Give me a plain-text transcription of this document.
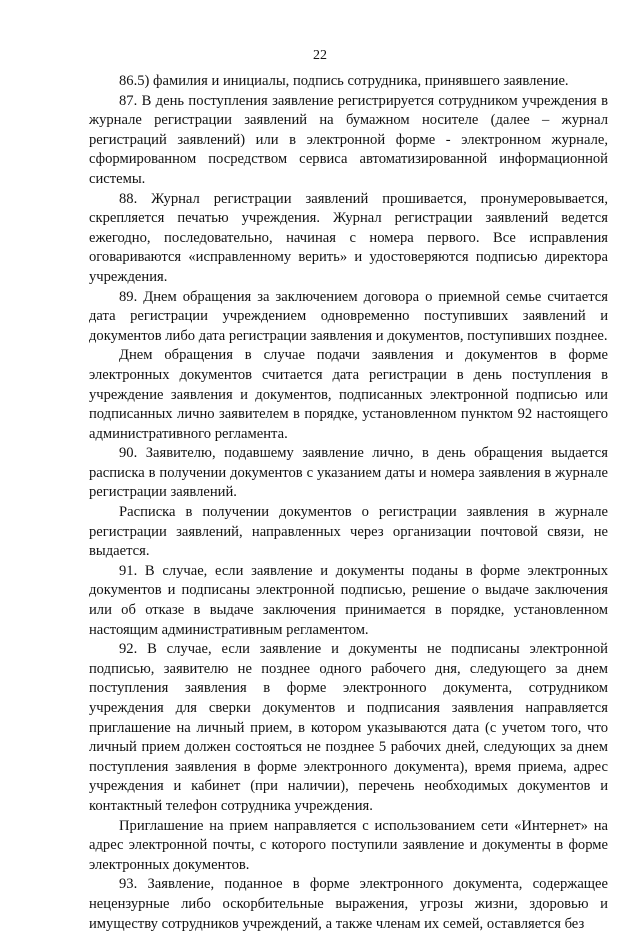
22

86.5) фамилия и инициалы, подпись сотрудника, принявшего заявление.

87. В день поступления заявление регистрируется сотрудником учреждения в журнале регистрации заявлений на бумажном носителе (далее – журнал регистраций заявлений) или в электронной форме - электронном журнале, сформированном посредством сервиса автоматизированной информационной системы.

88. Журнал регистрации заявлений прошивается, пронумеровывается, скрепляется печатью учреждения. Журнал регистрации заявлений ведется ежегодно, последовательно, начиная с номера первого. Все исправления оговариваются «исправленному верить» и удостоверяются подписью директора учреждения.

89. Днем обращения за заключением договора о приемной семье считается дата регистрации учреждением одновременно поступивших заявлений и документов либо дата регистрации заявления и документов, поступивших позднее.

Днем обращения в случае подачи заявления и документов в форме электронных документов считается дата регистрации в день поступления в учреждение заявления и документов, подписанных электронной подписью или подписанных лично заявителем в порядке, установленном пунктом 92 настоящего административного регламента.

90. Заявителю, подавшему заявление лично, в день обращения выдается расписка в получении документов с указанием даты и номера заявления в журнале регистрации заявлений.

Расписка в получении документов о регистрации заявления в журнале регистрации заявлений, направленных через организации почтовой связи, не выдается.

91. В случае, если заявление и документы поданы в форме электронных документов и подписаны электронной подписью, решение о выдаче заключения или об отказе в выдаче заключения принимается в порядке, установленном настоящим административным регламентом.

92. В случае, если заявление и документы не подписаны электронной подписью, заявителю не позднее одного рабочего дня, следующего за днем поступления заявления в форме электронного документа, сотрудником учреждения для сверки документов и подписания заявления направляется приглашение на личный прием, в котором указываются дата (с учетом того, что личный прием должен состояться не позднее 5 рабочих дней, следующих за днем поступления заявления в форме электронного документа), время приема, адрес учреждения и кабинет (при наличии), перечень необходимых документов и контактный телефон сотрудника учреждения.

Приглашение на прием направляется с использованием сети «Интернет» на адрес электронной почты, с которого поступили заявление и документы в форме электронных документов.

93. Заявление, поданное в форме электронного документа, содержащее нецензурные либо оскорбительные выражения, угрозы жизни, здоровью и имуществу сотрудников учреждений, а также членам их семей, оставляется без
